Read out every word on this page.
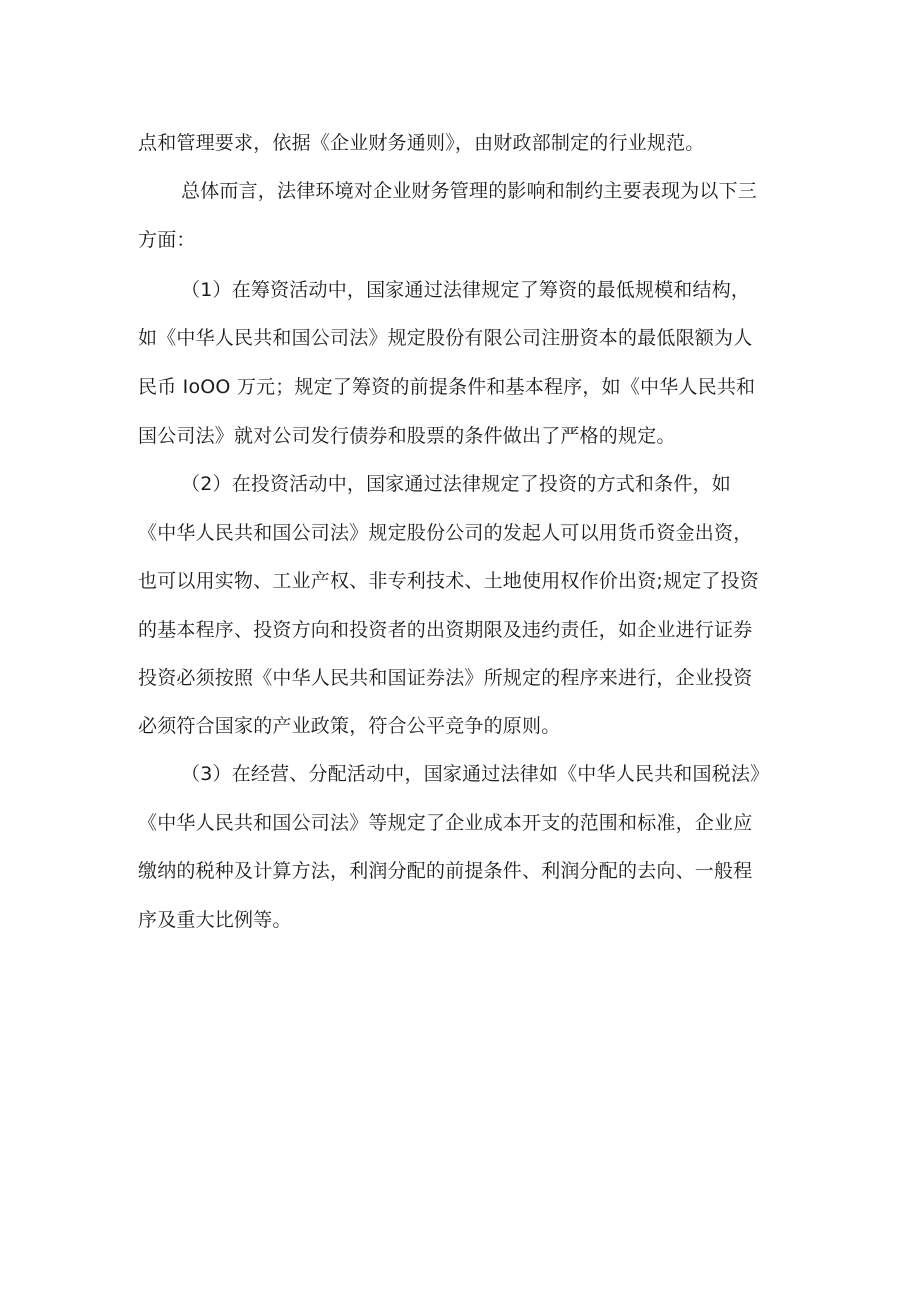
点和管理要求，依据《企业财务通则》，由财政部制定的行业规范。
总体而言，法律环境对企业财务管理的影响和制约主要表现为以下三
方面：
（1）在筹资活动中，国家通过法律规定了筹资的最低规模和结构，
如《中华人民共和国公司法》规定股份有限公司注册资本的最低限额为人
民币 IoOO 万元；规定了筹资的前提条件和基本程序，如《中华人民共和
国公司法》就对公司发行债券和股票的条件做出了严格的规定。
（2）在投资活动中，国家通过法律规定了投资的方式和条件，如
《中华人民共和国公司法》规定股份公司的发起人可以用货币资金出资，
也可以用实物、工业产权、非专利技术、土地使用权作价出资;规定了投资
的基本程序、投资方向和投资者的出资期限及违约责任，如企业进行证券
投资必须按照《中华人民共和国证券法》所规定的程序来进行，企业投资
必须符合国家的产业政策，符合公平竞争的原则。
（3）在经营、分配活动中，国家通过法律如《中华人民共和国税法》
《中华人民共和国公司法》等规定了企业成本开支的范围和标准，企业应
缴纳的税种及计算方法，利润分配的前提条件、利润分配的去向、一般程
序及重大比例等。
